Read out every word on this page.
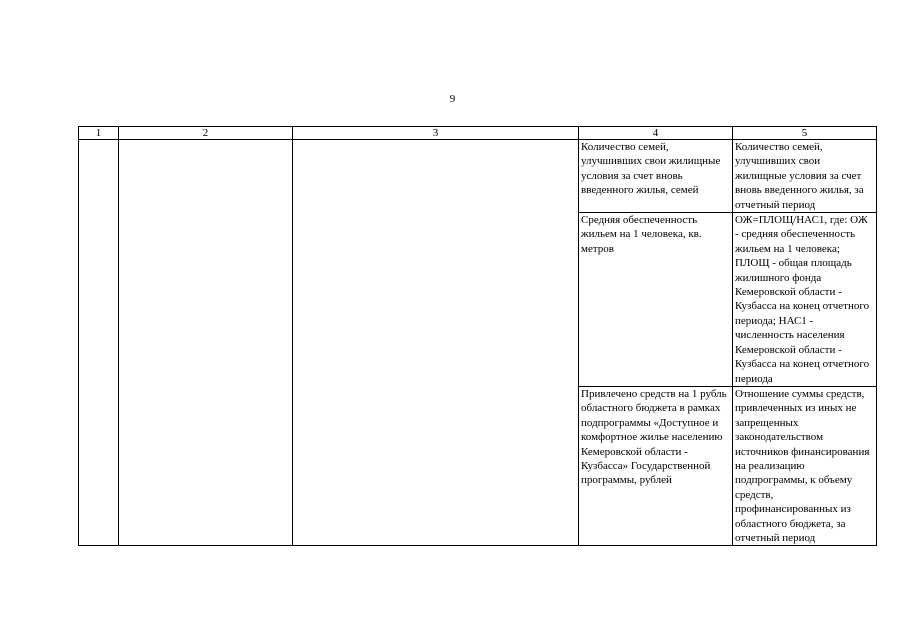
9
1	2	3	4	5

			Количество семей, улучшивших свои жилищные условия за счет вновь введенного жилья, семей	Количество семей, улучшивших свои жилищные условия за счет вновь введенного жилья, за отчетный период

			Средняя обеспеченность жильем на 1 человека, кв. метров	ОЖ=ПЛОЩ/НАС1, где: ОЖ - средняя обеспеченность жильем на 1 человека; ПЛОЩ - общая площадь жилишного фонда Кемеровской области - Кузбасса на конец отчетного периода; НАС1 - численность населения Кемеровской области - Кузбасса на конец отчетного периода

			Привлечено средств на 1 рубль областного бюджета в рамках подпрограммы «Доступное и комфортное жилье населению Кемеровской области - Кузбасса» Государственной программы, рублей	Отношение суммы средств, привлеченных из иных не запрещенных законодательством источников финансирования на реализацию подпрограммы, к объему средств, профинансированных из областного бюджета, за отчетный период
